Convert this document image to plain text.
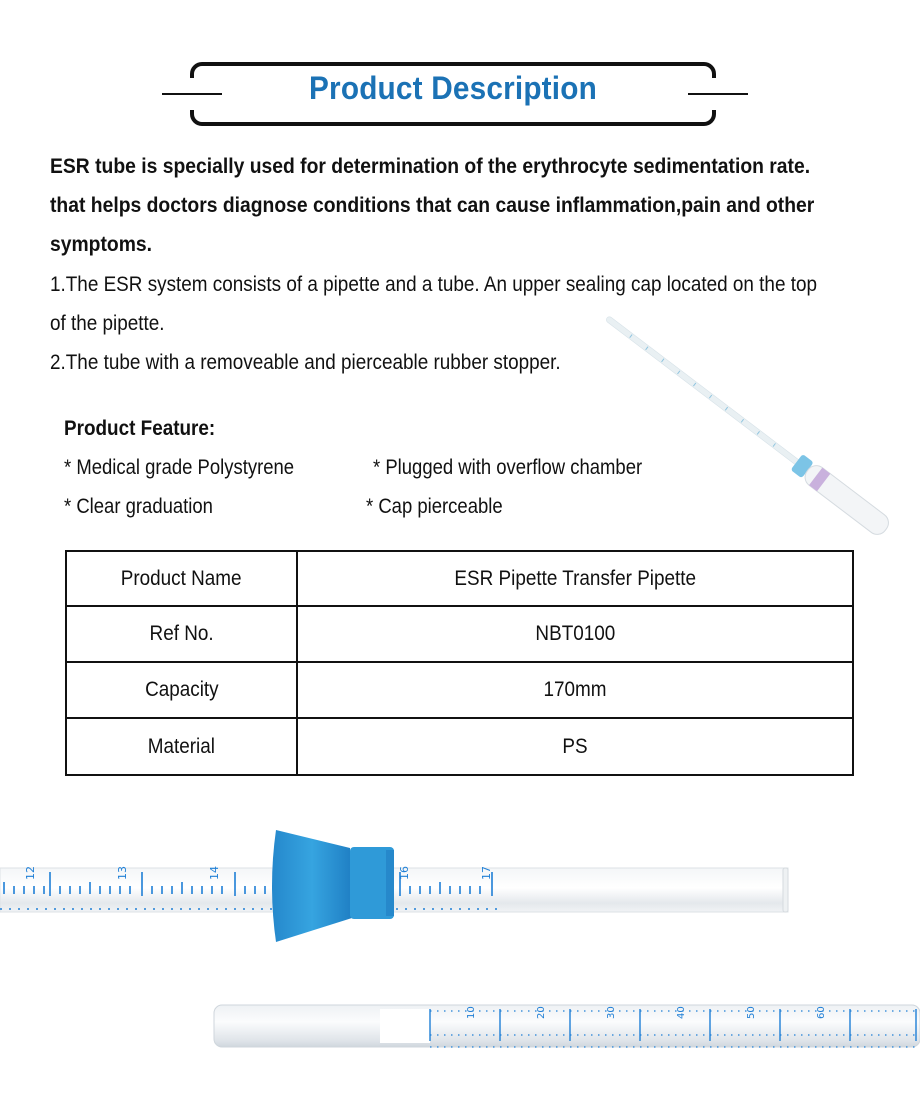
Product Description
ESR tube is specially used for determination of the erythrocyte sedimentation rate.
that helps doctors diagnose conditions that can cause inflammation,pain and other
symptoms.
1.The ESR system consists of a pipette and a tube. An upper sealing cap located on the top
of the pipette.
2.The tube with a removeable and pierceable rubber stopper.
Product Feature:
* Medical grade Polystyrene	* Plugged with overflow chamber
* Clear graduation	* Cap pierceable
Product Name	ESR Pipette Transfer Pipette
Ref No.	NBT0100
Capacity	170mm
Material	PS
12	13	14	16	17
10	20	30	40	50	60
